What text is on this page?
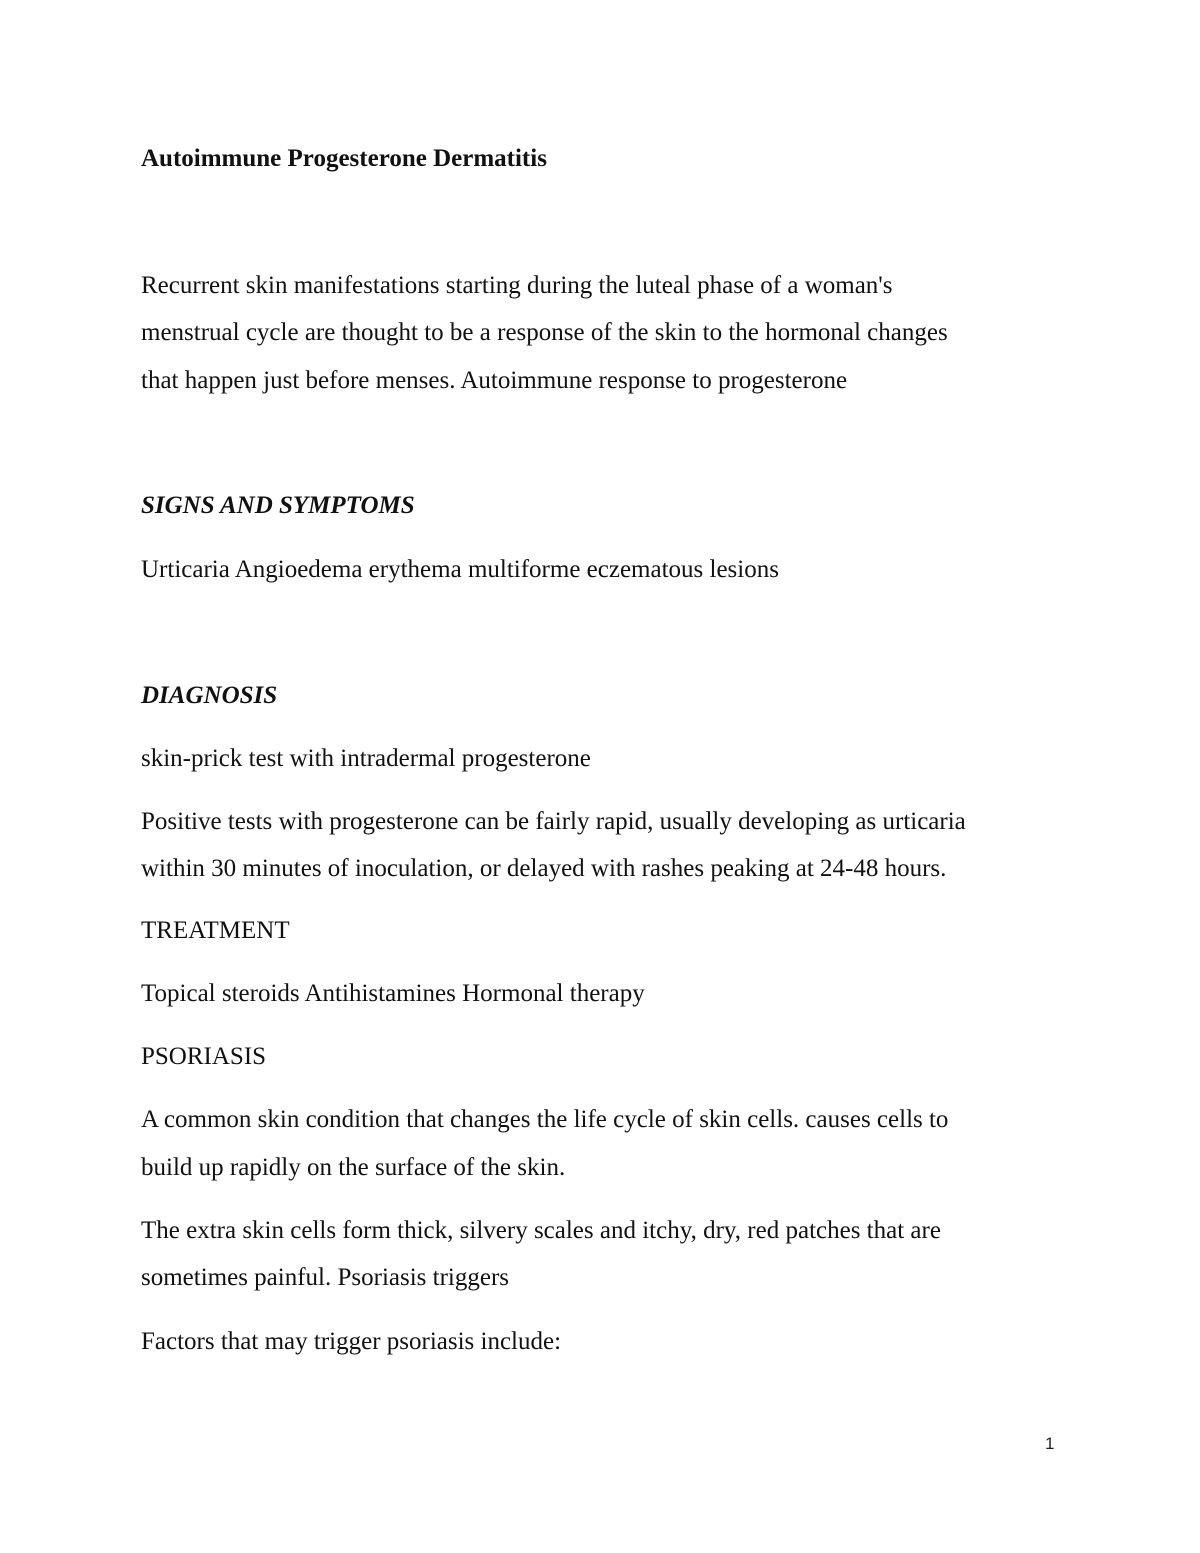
Autoimmune Progesterone Dermatitis

Recurrent skin manifestations starting during the luteal phase of a woman's

menstrual cycle are thought to be a response of the skin to the hormonal changes

that happen just before menses. Autoimmune response to progesterone

SIGNS AND SYMPTOMS

Urticaria Angioedema erythema multiforme eczematous lesions

DIAGNOSIS

skin-prick test with intradermal progesterone

Positive tests with progesterone can be fairly rapid, usually developing as urticaria

within 30 minutes of inoculation, or delayed with rashes peaking at 24-48 hours.

TREATMENT

Topical steroids Antihistamines Hormonal therapy

PSORIASIS

A common skin condition that changes the life cycle of skin cells. causes cells to

build up rapidly on the surface of the skin.

The extra skin cells form thick, silvery scales and itchy, dry, red patches that are

sometimes painful. Psoriasis triggers

Factors that may trigger psoriasis include:

1
